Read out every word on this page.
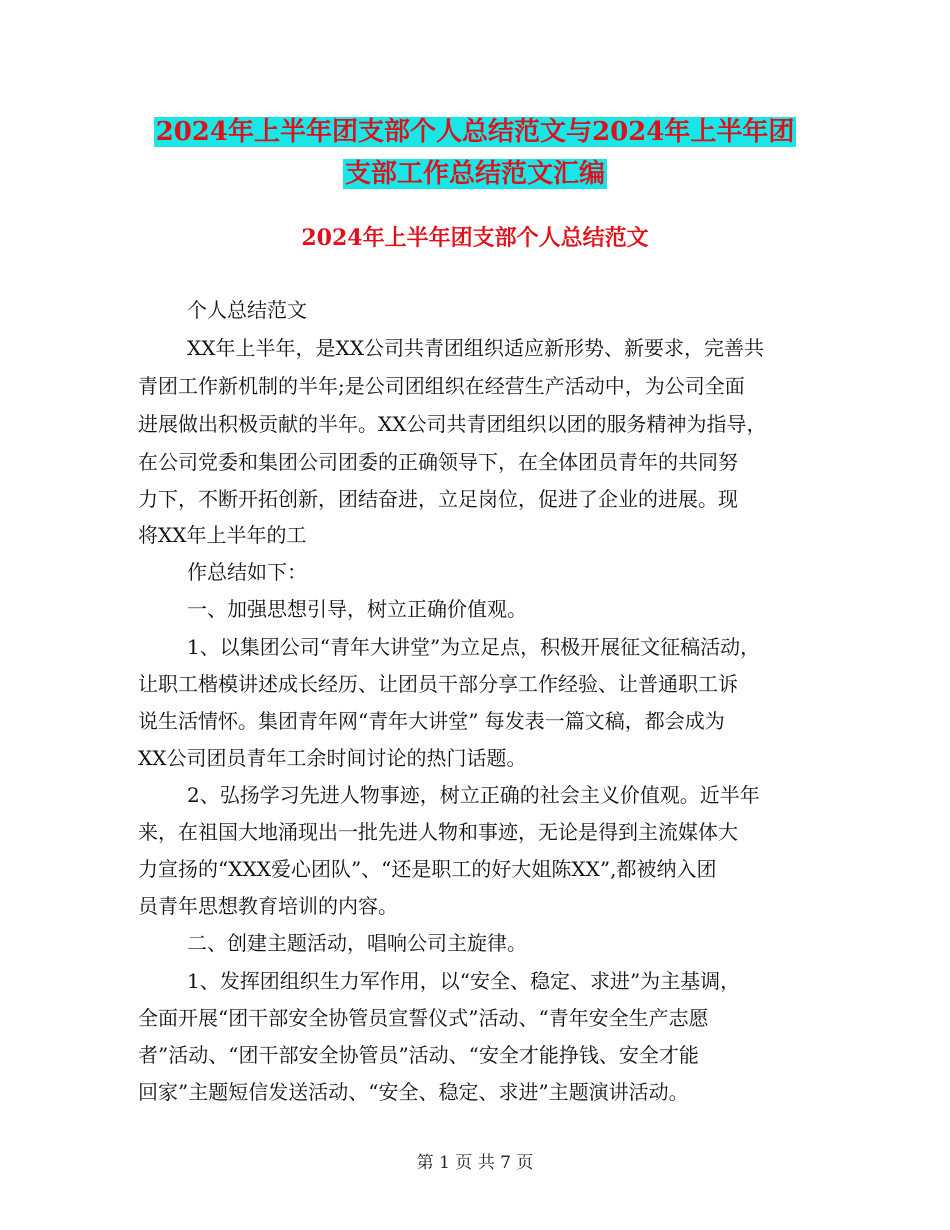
2024年上半年团支部个人总结范文与2024年上半年团
支部工作总结范文汇编
2024年上半年团支部个人总结范文
个人总结范文
XX年上半年，是XX公司共青团组织适应新形势、新要求，完善共
青团工作新机制的半年;是公司团组织在经营生产活动中，为公司全面
进展做出积极贡献的半年。XX公司共青团组织以团的服务精神为指导，
在公司党委和集团公司团委的正确领导下，在全体团员青年的共同努
力下，不断开拓创新，团结奋进，立足岗位，促进了企业的进展。现
将XX年上半年的工
作总结如下：
一、加强思想引导，树立正确价值观。
1、以集团公司“青年大讲堂”为立足点，积极开展征文征稿活动，
让职工楷模讲述成长经历、让团员干部分享工作经验、让普通职工诉
说生活情怀。集团青年网“青年大讲堂” 每发表一篇文稿，都会成为
XX公司团员青年工余时间讨论的热门话题。
2、弘扬学习先进人物事迹，树立正确的社会主义价值观。近半年
来，在祖国大地涌现出一批先进人物和事迹，无论是得到主流媒体大
力宣扬的“XXX爱心团队”、“还是职工的好大姐陈XX”,都被纳入团
员青年思想教育培训的内容。
二、创建主题活动，唱响公司主旋律。
1、发挥团组织生力军作用，以“安全、稳定、求进”为主基调，
全面开展“团干部安全协管员宣誓仪式”活动、“青年安全生产志愿
者”活动、“团干部安全协管员”活动、“安全才能挣钱、安全才能
回家”主题短信发送活动、“安全、稳定、求进”主题演讲活动。
第 1 页 共 7 页
